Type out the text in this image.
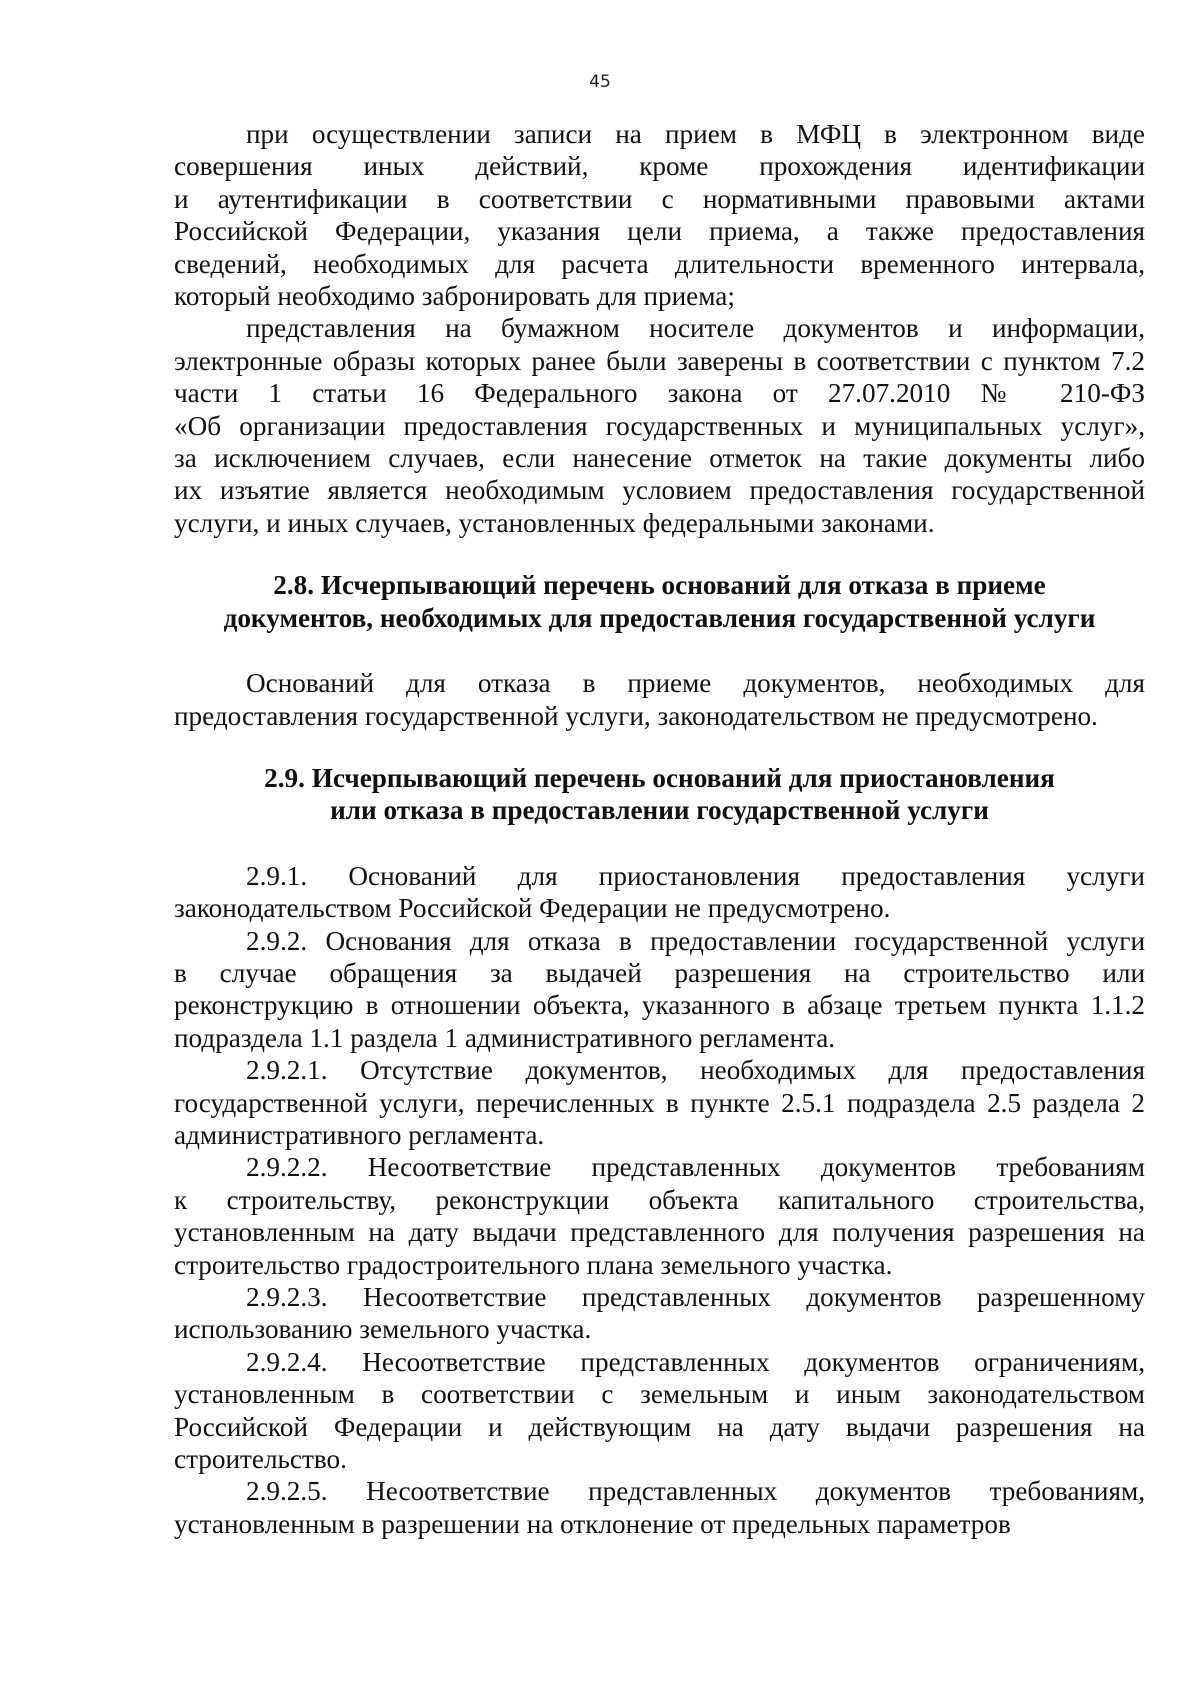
45
при осуществлении записи на прием в МФЦ в электронном виде
совершения иных действий, кроме прохождения идентификации
и аутентификации в соответствии с нормативными правовыми актами
Российской Федерации, указания цели приема, а также предоставления
сведений, необходимых для расчета длительности временного интервала,
который необходимо забронировать для приема;
представления на бумажном носителе документов и информации,
электронные образы которых ранее были заверены в соответствии с пунктом 7.2
части 1 статьи 16 Федерального закона от 27.07.2010 № 210-ФЗ
«Об организации предоставления государственных и муниципальных услуг»,
за исключением случаев, если нанесение отметок на такие документы либо
их изъятие является необходимым условием предоставления государственной
услуги, и иных случаев, установленных федеральными законами.
2.8. Исчерпывающий перечень оснований для отказа в приеме
документов, необходимых для предоставления государственной услуги
Оснований для отказа в приеме документов, необходимых для
предоставления государственной услуги, законодательством не предусмотрено.
2.9. Исчерпывающий перечень оснований для приостановления
или отказа в предоставлении государственной услуги
2.9.1. Оснований для приостановления предоставления услуги
законодательством Российской Федерации не предусмотрено.
2.9.2. Основания для отказа в предоставлении государственной услуги
в случае обращения за выдачей разрешения на строительство или
реконструкцию в отношении объекта, указанного в абзаце третьем пункта 1.1.2
подраздела 1.1 раздела 1 административного регламента.
2.9.2.1. Отсутствие документов, необходимых для предоставления
государственной услуги, перечисленных в пункте 2.5.1 подраздела 2.5 раздела 2
административного регламента.
2.9.2.2. Несоответствие представленных документов требованиям
к строительству, реконструкции объекта капитального строительства,
установленным на дату выдачи представленного для получения разрешения на
строительство градостроительного плана земельного участка.
2.9.2.3. Несоответствие представленных документов разрешенному
использованию земельного участка.
2.9.2.4. Несоответствие представленных документов ограничениям,
установленным в соответствии с земельным и иным законодательством
Российской Федерации и действующим на дату выдачи разрешения на
строительство.
2.9.2.5. Несоответствие представленных документов требованиям,
установленным в разрешении на отклонение от предельных параметров
